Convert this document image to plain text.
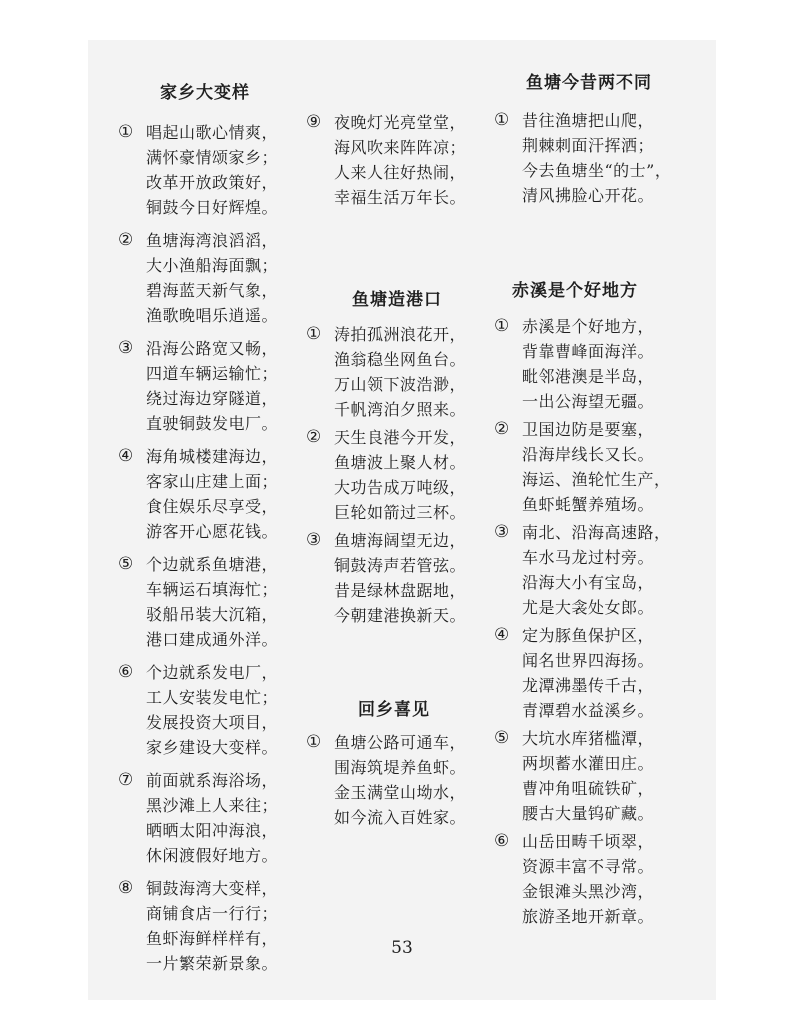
家乡大变样
① 唱起山歌心情爽，
满怀豪情颂家乡；
改革开放政策好，
铜鼓今日好辉煌。
② 鱼塘海湾浪滔滔，
大小渔船海面飘；
碧海蓝天新气象，
渔歌晚唱乐逍遥。
③ 沿海公路宽又畅，
四道车辆运输忙；
绕过海边穿隧道，
直驶铜鼓发电厂。
④ 海角城楼建海边，
客家山庄建上面；
食住娱乐尽享受，
游客开心愿花钱。
⑤ 个边就系鱼塘港，
车辆运石填海忙；
驳船吊装大沉箱，
港口建成通外洋。
⑥ 个边就系发电厂，
工人安装发电忙；
发展投资大项目，
家乡建设大变样。
⑦ 前面就系海浴场，
黑沙滩上人来往；
晒晒太阳冲海浪，
休闲渡假好地方。
⑧ 铜鼓海湾大变样，
商铺食店一行行；
鱼虾海鲜样样有，
一片繁荣新景象。
⑨ 夜晚灯光亮堂堂，
海风吹来阵阵凉；
人来人往好热闹，
幸福生活万年长。
鱼塘造港口
① 涛拍孤洲浪花开，
渔翁稳坐网鱼台。
万山领下波浩渺，
千帆湾泊夕照来。
② 天生良港今开发，
鱼塘波上聚人材。
大功告成万吨级，
巨轮如箭过三杯。
③ 鱼塘海阔望无边，
铜鼓涛声若管弦。
昔是绿林盘踞地，
今朝建港换新天。
回乡喜见
① 鱼塘公路可通车，
围海筑堤养鱼虾。
金玉满堂山坳水，
如今流入百姓家。
鱼塘今昔两不同
① 昔往渔塘把山爬，
荆棘刺面汗挥洒；
今去鱼塘坐“的士”，
清风拂脸心开花。
赤溪是个好地方
① 赤溪是个好地方，
背靠曹峰面海洋。
毗邻港澳是半岛，
一出公海望无疆。
② 卫国边防是要塞，
沿海岸线长又长。
海运、渔轮忙生产，
鱼虾蚝蟹养殖场。
③ 南北、沿海高速路，
车水马龙过村旁。
沿海大小有宝岛，
尤是大衾处女郎。
④ 定为豚鱼保护区，
闻名世界四海扬。
龙潭沸墨传千古，
青潭碧水益溪乡。
⑤ 大坑水库猪槛潭，
两坝蓄水灌田庄。
曹冲角咀硫铁矿，
腰古大量钨矿藏。
⑥ 山岳田畴千顷翠，
资源丰富不寻常。
金银滩头黑沙湾，
旅游圣地开新章。
53
